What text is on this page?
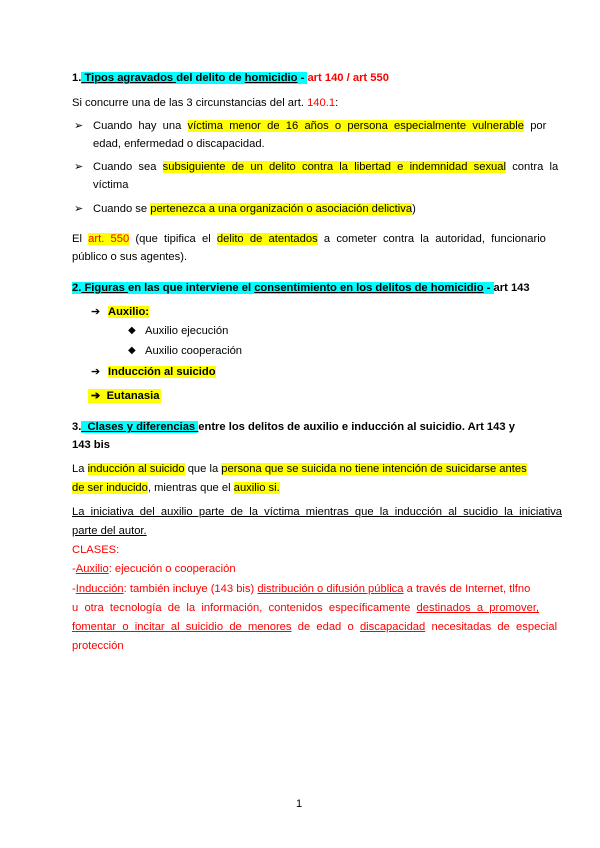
1. Tipos agravados del delito de homicidio - art 140 / art 550
Si concurre una de las 3 circunstancias del art. 140.1:
➢ Cuando  hay  una  víctima  menor  de  16  años  o  persona  especialmente  vulnerable  por
edad, enfermedad o discapacidad.
➢ Cuando  sea  subsiguiente  de  un  delito  contra  la  libertad  e  indemnidad  sexual  contra  la
víctima
➢ Cuando se pertenezca a una organización o asociación delictiva)
El  art.  550  (que  tipifica  el  delito  de  atentados  a  cometer  contra  la  autoridad,  funcionario
público o sus agentes).
2. Figuras en las que interviene el consentimiento en los delitos de homicidio - art 143
➔ Auxilio:
◆ Auxilio ejecución
◆ Auxilio cooperación
➔ Inducción al suicido
➔ Eutanasia
3.  Clases y diferencias entre los delitos de auxilio e inducción al suicidio. Art 143 y
143 bis
La inducción al suicido que la persona que se suicida no tiene intención de suicidarse antes
de ser inducido, mientras que el auxilio si.
La  iniciativa  del  auxilio  parte  de  la  víctima  mientras  que  la  inducción  al  sucidio  la  iniciativa
parte del autor.
CLASES:
-Auxilio: ejecución o cooperación
-Inducción: también incluye (143 bis) distribución o difusión pública a través de Internet, tlfno
u  otra  tecnología  de  la  información,  contenidos  específicamente  destinados  a  promover,
fomentar  o  incitar  al  suicidio  de  menores  de  edad  o  discapacidad  necesitadas  de  especial
protección
1
